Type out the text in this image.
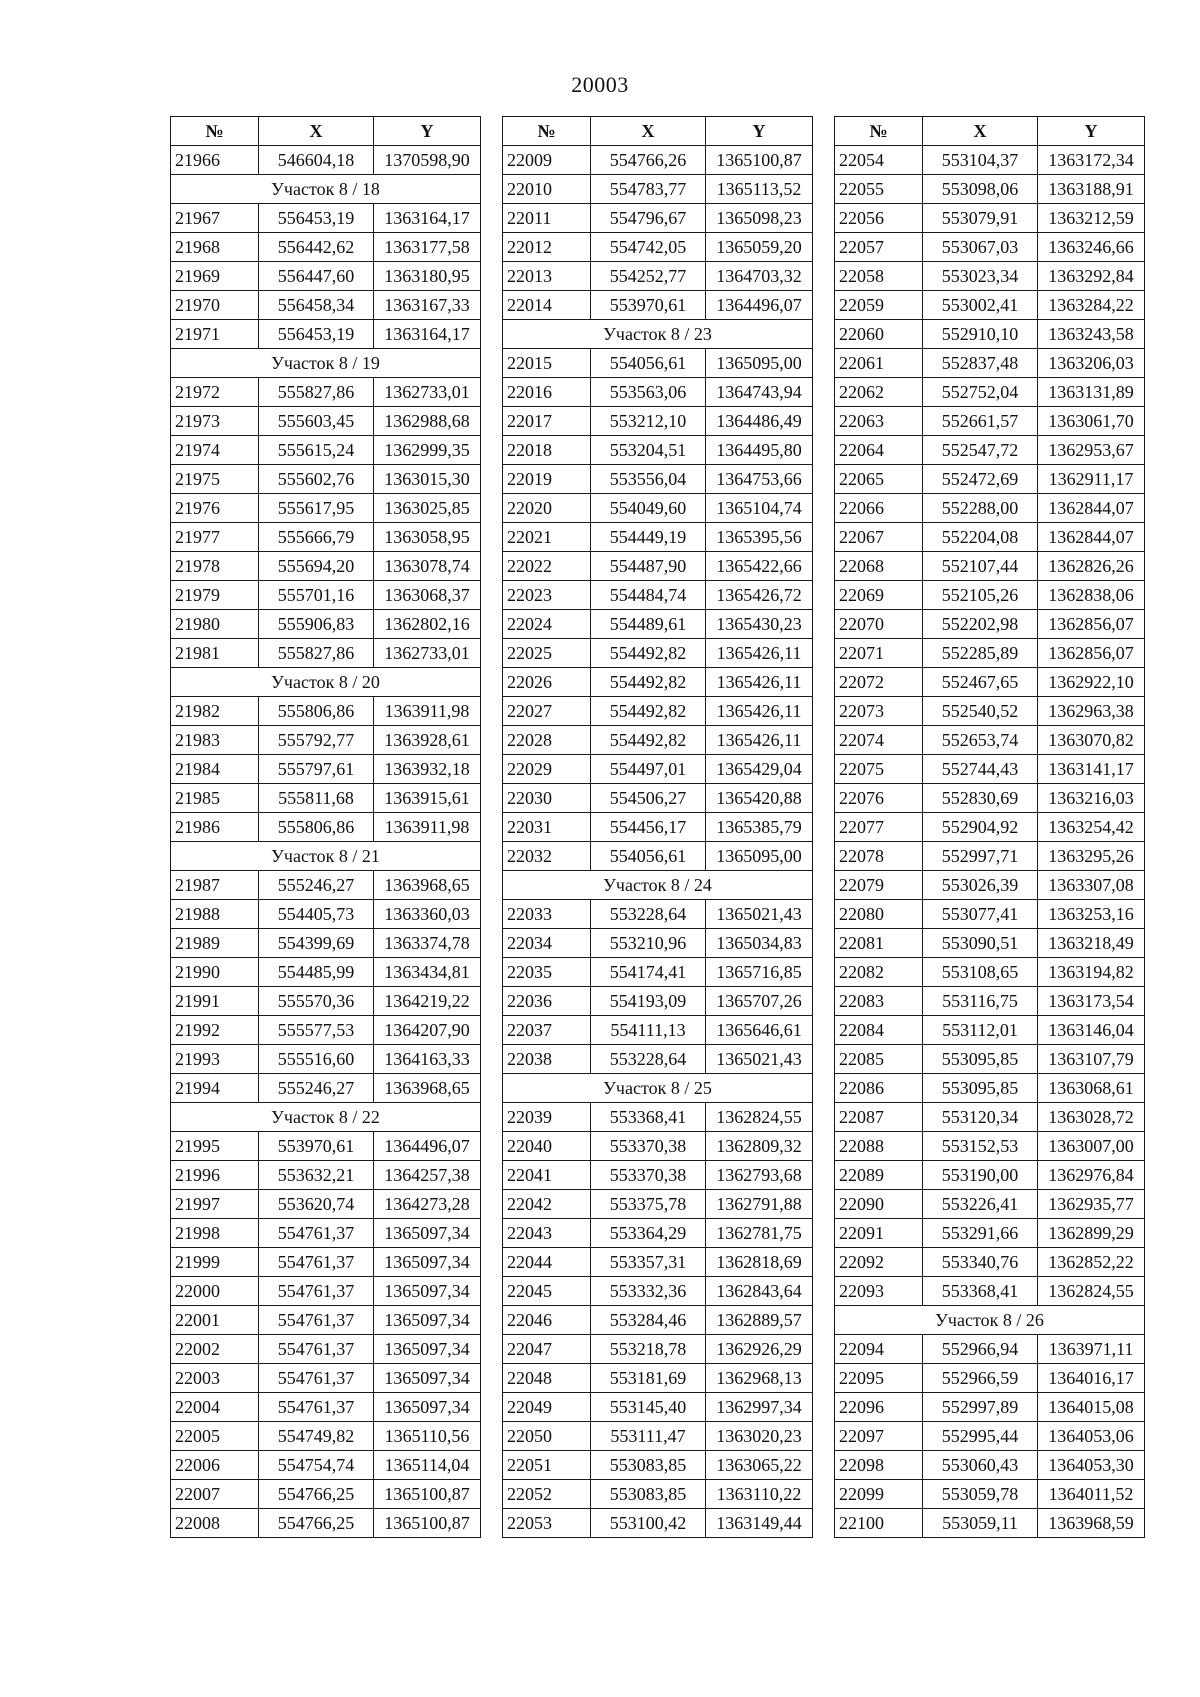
20003
№	X	Y
21966	546604,18	1370598,90
Участок 8 / 18		
21967	556453,19	1363164,17
21968	556442,62	1363177,58
21969	556447,60	1363180,95
21970	556458,34	1363167,33
21971	556453,19	1363164,17
Участок 8 / 19		
21972	555827,86	1362733,01
21973	555603,45	1362988,68
21974	555615,24	1362999,35
21975	555602,76	1363015,30
21976	555617,95	1363025,85
21977	555666,79	1363058,95
21978	555694,20	1363078,74
21979	555701,16	1363068,37
21980	555906,83	1362802,16
21981	555827,86	1362733,01
Участок 8 / 20		
21982	555806,86	1363911,98
21983	555792,77	1363928,61
21984	555797,61	1363932,18
21985	555811,68	1363915,61
21986	555806,86	1363911,98
Участок 8 / 21		
21987	555246,27	1363968,65
21988	554405,73	1363360,03
21989	554399,69	1363374,78
21990	554485,99	1363434,81
21991	555570,36	1364219,22
21992	555577,53	1364207,90
21993	555516,60	1364163,33
21994	555246,27	1363968,65
Участок 8 / 22		
21995	553970,61	1364496,07
21996	553632,21	1364257,38
21997	553620,74	1364273,28
21998	554761,37	1365097,34
21999	554761,37	1365097,34
22000	554761,37	1365097,34
22001	554761,37	1365097,34
22002	554761,37	1365097,34
22003	554761,37	1365097,34
22004	554761,37	1365097,34
22005	554749,82	1365110,56
22006	554754,74	1365114,04
22007	554766,25	1365100,87
22008	554766,25	1365100,87
№	X	Y
22009	554766,26	1365100,87
22010	554783,77	1365113,52
22011	554796,67	1365098,23
22012	554742,05	1365059,20
22013	554252,77	1364703,32
22014	553970,61	1364496,07
Участок 8 / 23		
22015	554056,61	1365095,00
22016	553563,06	1364743,94
22017	553212,10	1364486,49
22018	553204,51	1364495,80
22019	553556,04	1364753,66
22020	554049,60	1365104,74
22021	554449,19	1365395,56
22022	554487,90	1365422,66
22023	554484,74	1365426,72
22024	554489,61	1365430,23
22025	554492,82	1365426,11
22026	554492,82	1365426,11
22027	554492,82	1365426,11
22028	554492,82	1365426,11
22029	554497,01	1365429,04
22030	554506,27	1365420,88
22031	554456,17	1365385,79
22032	554056,61	1365095,00
Участок 8 / 24		
22033	553228,64	1365021,43
22034	553210,96	1365034,83
22035	554174,41	1365716,85
22036	554193,09	1365707,26
22037	554111,13	1365646,61
22038	553228,64	1365021,43
Участок 8 / 25		
22039	553368,41	1362824,55
22040	553370,38	1362809,32
22041	553370,38	1362793,68
22042	553375,78	1362791,88
22043	553364,29	1362781,75
22044	553357,31	1362818,69
22045	553332,36	1362843,64
22046	553284,46	1362889,57
22047	553218,78	1362926,29
22048	553181,69	1362968,13
22049	553145,40	1362997,34
22050	553111,47	1363020,23
22051	553083,85	1363065,22
22052	553083,85	1363110,22
22053	553100,42	1363149,44
№	X	Y
22054	553104,37	1363172,34
22055	553098,06	1363188,91
22056	553079,91	1363212,59
22057	553067,03	1363246,66
22058	553023,34	1363292,84
22059	553002,41	1363284,22
22060	552910,10	1363243,58
22061	552837,48	1363206,03
22062	552752,04	1363131,89
22063	552661,57	1363061,70
22064	552547,72	1362953,67
22065	552472,69	1362911,17
22066	552288,00	1362844,07
22067	552204,08	1362844,07
22068	552107,44	1362826,26
22069	552105,26	1362838,06
22070	552202,98	1362856,07
22071	552285,89	1362856,07
22072	552467,65	1362922,10
22073	552540,52	1362963,38
22074	552653,74	1363070,82
22075	552744,43	1363141,17
22076	552830,69	1363216,03
22077	552904,92	1363254,42
22078	552997,71	1363295,26
22079	553026,39	1363307,08
22080	553077,41	1363253,16
22081	553090,51	1363218,49
22082	553108,65	1363194,82
22083	553116,75	1363173,54
22084	553112,01	1363146,04
22085	553095,85	1363107,79
22086	553095,85	1363068,61
22087	553120,34	1363028,72
22088	553152,53	1363007,00
22089	553190,00	1362976,84
22090	553226,41	1362935,77
22091	553291,66	1362899,29
22092	553340,76	1362852,22
22093	553368,41	1362824,55
Участок 8 / 26		
22094	552966,94	1363971,11
22095	552966,59	1364016,17
22096	552997,89	1364015,08
22097	552995,44	1364053,06
22098	553060,43	1364053,30
22099	553059,78	1364011,52
22100	553059,11	1363968,59
